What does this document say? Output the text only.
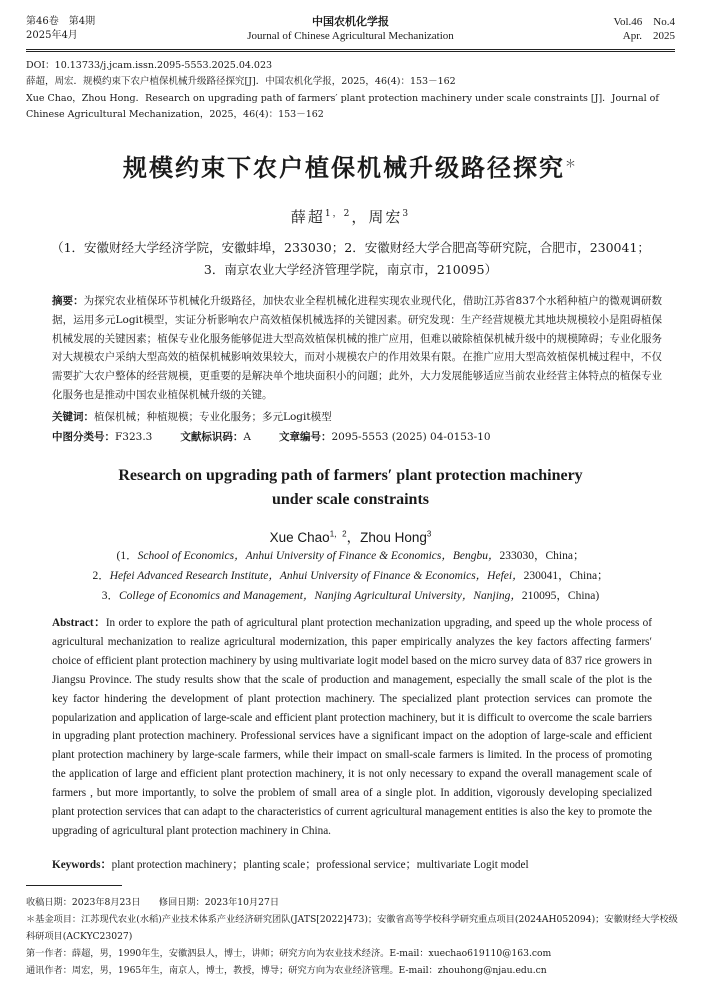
第46卷　第4期
2025年4月
中国农机化学报
Journal of Chinese Agricultural Mechanization
Vol.46　No.4
Apr.　2025
DOI：10.13733/j.jcam.issn.2095-5553.2025.04.023
薛超，周宏．规模约束下农户植保机械升级路径探究[J]．中国农机化学报，2025，46(4)：153－162
Xue Chao，Zhou Hong．Research on upgrading path of farmers′ plant protection machinery under scale constraints [J]．Journal of Chinese Agricultural Mechanization，2025，46(4)：153－162
规模约束下农户植保机械升级路径探究＊
薛超$^{1,2}$，周宏$^3$
（1．安徽财经大学经济学院，安徽蚌埠，233030；2．安徽财经大学合肥高等研究院，合肥市，230041；
3．南京农业大学经济管理学院，南京市，210095）
摘要：为探究农业植保环节机械化升级路径，加快农业全程机械化进程实现农业现代化，借助江苏省837个水稻种植户的微观调研数据，运用多元Logit模型，实证分析影响农户高效植保机械选择的关键因素。研究发现：生产经营规模尤其地块规模较小是阻碍植保机械发展的关键因素；植保专业化服务能够促进大型高效植保机械的推广应用，但难以破除植保机械升级中的规模障碍；专业化服务对大规模农户采纳大型高效的植保机械影响效果较大，而对小规模农户的作用效果有限。在推广应用大型高效植保机械过程中，不仅需要扩大农户整体的经营规模，更重要的是解决单个地块面积小的问题；此外，大力发展能够适应当前农业经营主体特点的植保专业化服务也是推动中国农业植保机械升级的关键。
关键词：植保机械；种植规模；专业化服务；多元Logit模型
中图分类号：F323.3	文献标识码：A	文章编号：2095-5553 (2025) 04-0153-10
Research on upgrading path of farmers′ plant protection machinery
under scale constraints
Xue Chao$^{1,2}$，Zhou Hong$^3$
(1．School of Economics，Anhui University of Finance & Economics，Bengbu，233030，China；
2．Hefei Advanced Research Institute，Anhui University of Finance & Economics，Hefei，230041，China；
3．College of Economics and Management，Nanjing Agricultural University，Nanjing，210095，China)
Abstract：In order to explore the path of agricultural plant protection mechanization upgrading, and speed up the whole process of agricultural mechanization to realize agricultural modernization, this paper empirically analyzes the key factors affecting farmers′ choice of efficient plant protection machinery by using multivariate logit model based on the micro survey data of 837 rice growers in Jiangsu Province. The study results show that the scale of production and management, especially the small scale of the plot is the key factor hindering the development of plant protection machinery. The specialized plant protection services can promote the popularization and application of large-scale and efficient plant protection machinery, but it is difficult to overcome the scale barriers in upgrading plant protection machinery. Professional services have a significant impact on the adoption of large-scale and efficient plant protection machinery by large-scale farmers, while their impact on small-scale farmers is limited. In the process of promoting the application of large and efficient plant protection machinery, it is not only necessary to expand the overall management scale of farmers , but more importantly, to solve the problem of small area of a single plot. In addition, vigorously developing specialized plant protection services that can adapt to the characteristics of current agricultural management entities is also the key to promote the upgrading of agricultural plant protection machinery in China.
Keywords：plant protection machinery；planting scale；professional service；multivariate Logit model
收稿日期：2023年8月23日　　修回日期：2023年10月27日
＊基金项目：江苏现代农业(水稻)产业技术体系产业经济研究团队(JATS[2022]473)；安徽省高等学校科学研究重点项目(2024AH052094)；安徽财经大学校级科研项目(ACKYC23027)
第一作者：薛超，男，1990年生，安徽泗县人，博士，讲师；研究方向为农业技术经济。E-mail：xuechao619110@163.com
通讯作者：周宏，男，1965年生，南京人，博士，教授，博导；研究方向为农业经济管理。E-mail：zhouhong@njau.edu.cn
